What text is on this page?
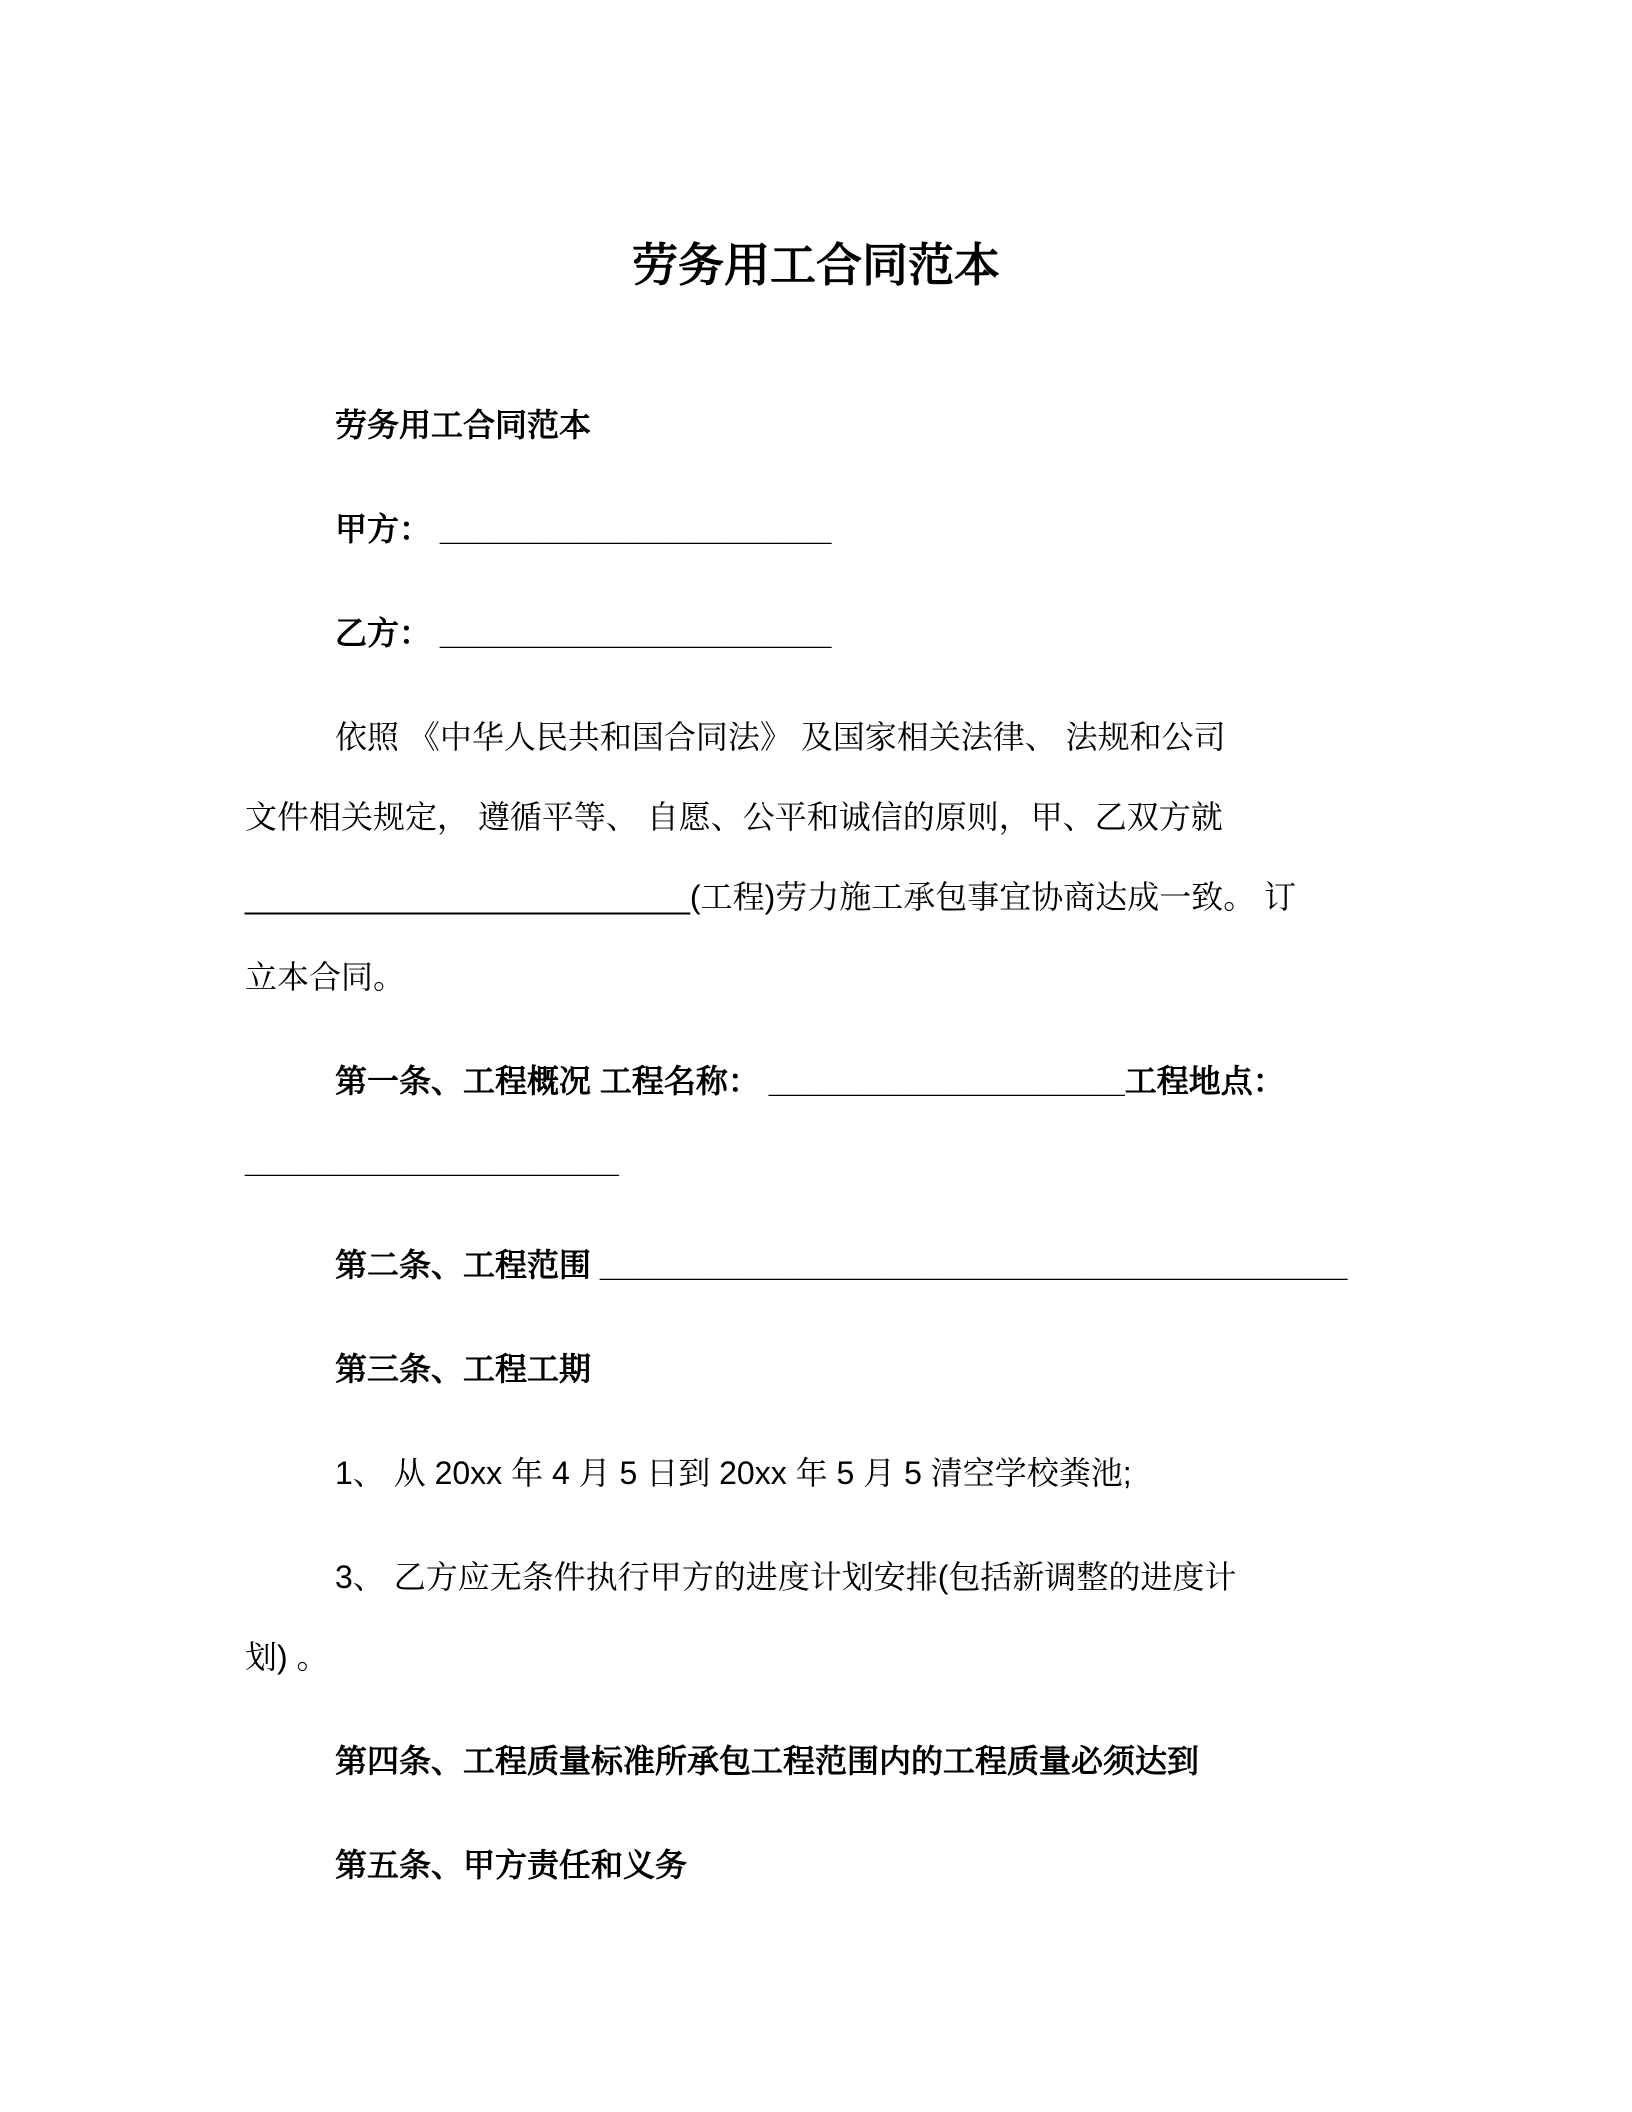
劳务用工合同范本
劳务用工合同范本
甲方： ______________________
乙方： ______________________
依照 《中华人民共和国合同法》 及国家相关法律、 法规和公司
文件相关规定， 遵循平等、 自愿、公平和诚信的原则，甲、乙双方就
_________________________(工程)劳力施工承包事宜协商达成一致。 订
立本合同。
第一条、工程概况 工程名称： ____________________工程地点：
_____________________
第二条、工程范围 __________________________________________
第三条、工程工期
1、 从 20xx 年 4 月 5 日到 20xx 年 5 月 5 清空学校粪池;
3、 乙方应无条件执行甲方的进度计划安排(包括新调整的进度计
划) 。
第四条、工程质量标准所承包工程范围内的工程质量必须达到
第五条、甲方责任和义务
